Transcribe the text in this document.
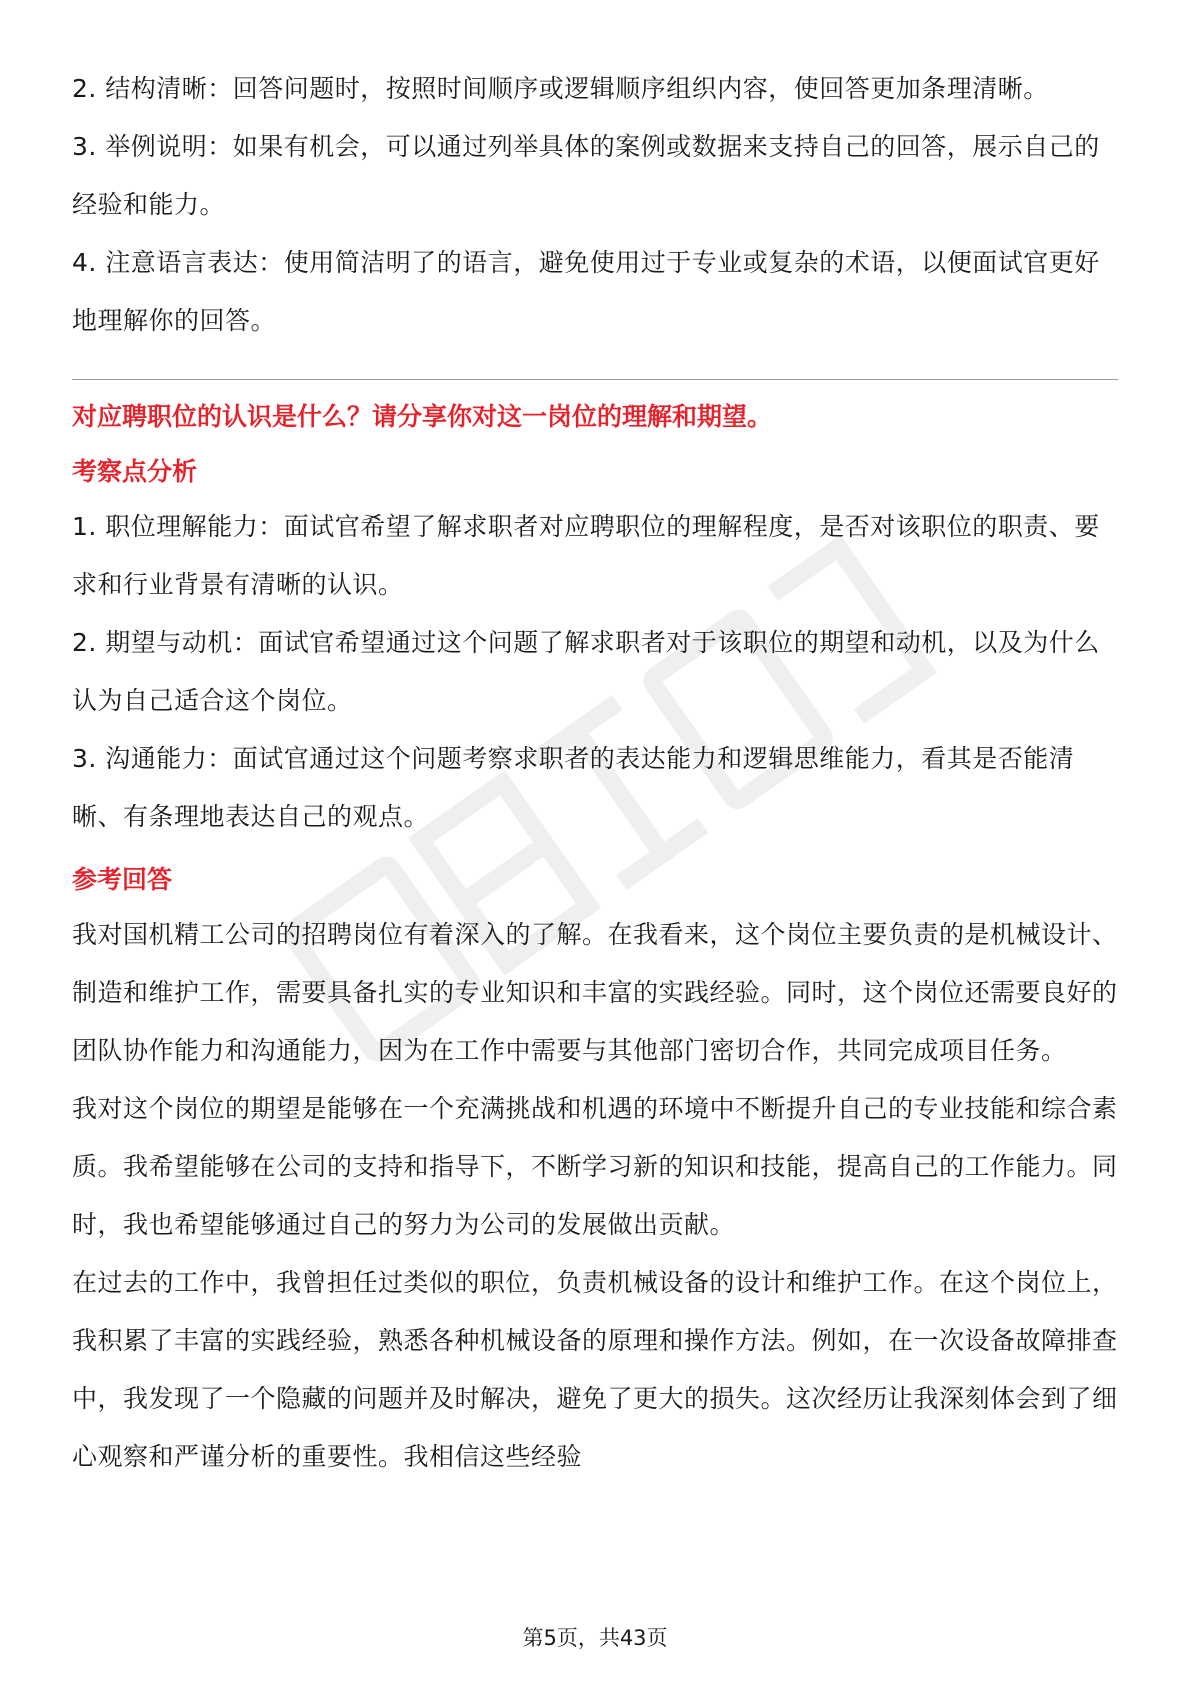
2. 结构清晰：回答问题时，按照时间顺序或逻辑顺序组织内容，使回答更加条理清晰。

3. 举例说明：如果有机会，可以通过列举具体的案例或数据来支持自己的回答，展示自己的经验和能力。

4. 注意语言表达：使用简洁明了的语言，避免使用过于专业或复杂的术语，以便面试官更好地理解你的回答。

对应聘职位的认识是什么？请分享你对这一岗位的理解和期望。

考察点分析

1. 职位理解能力：面试官希望了解求职者对应聘职位的理解程度，是否对该职位的职责、要求和行业背景有清晰的认识。

2. 期望与动机：面试官希望通过这个问题了解求职者对于该职位的期望和动机，以及为什么认为自己适合这个岗位。

3. 沟通能力：面试官通过这个问题考察求职者的表达能力和逻辑思维能力，看其是否能清晰、有条理地表达自己的观点。

参考回答

我对国机精工公司的招聘岗位有着深入的了解。在我看来，这个岗位主要负责的是机械设计、制造和维护工作，需要具备扎实的专业知识和丰富的实践经验。同时，这个岗位还需要良好的团队协作能力和沟通能力，因为在工作中需要与其他部门密切合作，共同完成项目任务。

我对这个岗位的期望是能够在一个充满挑战和机遇的环境中不断提升自己的专业技能和综合素质。我希望能够在公司的支持和指导下，不断学习新的知识和技能，提高自己的工作能力。同时，我也希望能够通过自己的努力为公司的发展做出贡献。

在过去的工作中，我曾担任过类似的职位，负责机械设备的设计和维护工作。在这个岗位上，我积累了丰富的实践经验，熟悉各种机械设备的原理和操作方法。例如，在一次设备故障排查中，我发现了一个隐藏的问题并及时解决，避免了更大的损失。这次经历让我深刻体会到了细心观察和严谨分析的重要性。我相信这些经验

第5页，共43页
